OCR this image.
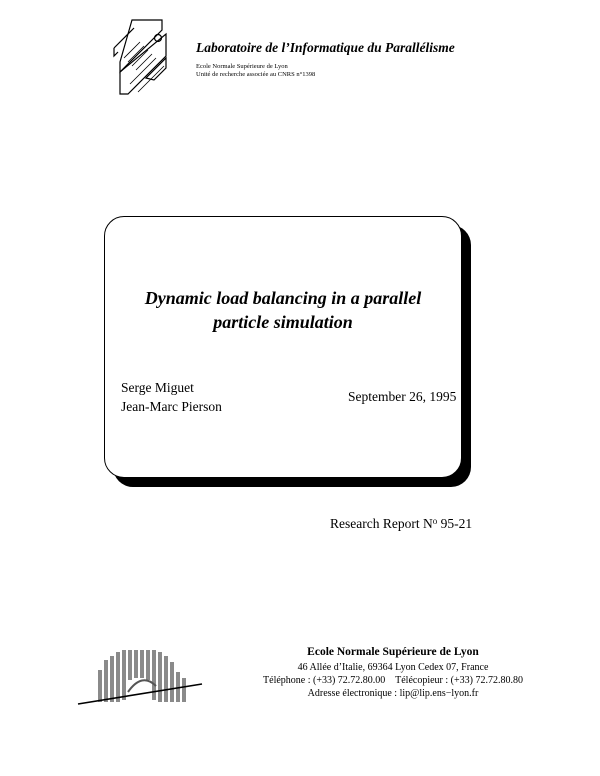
Laboratoire de l’Informatique du Parallélisme
Ecole Normale Supérieure de Lyon
Unité de recherche associée au CNRS n°1398
Dynamic load balancing in a parallel
particle simulation
Serge Miguet
Jean-Marc Pierson
September 26, 1995
Research Report $N^o$ 95-21
Ecole Normale Supérieure de Lyon
46 Allée d’Italie, 69364 Lyon Cedex 07, France
Téléphone : (+33) 72.72.80.00    Télécopieur : (+33) 72.72.80.80
Adresse électronique : lip@lip.ens−lyon.fr
